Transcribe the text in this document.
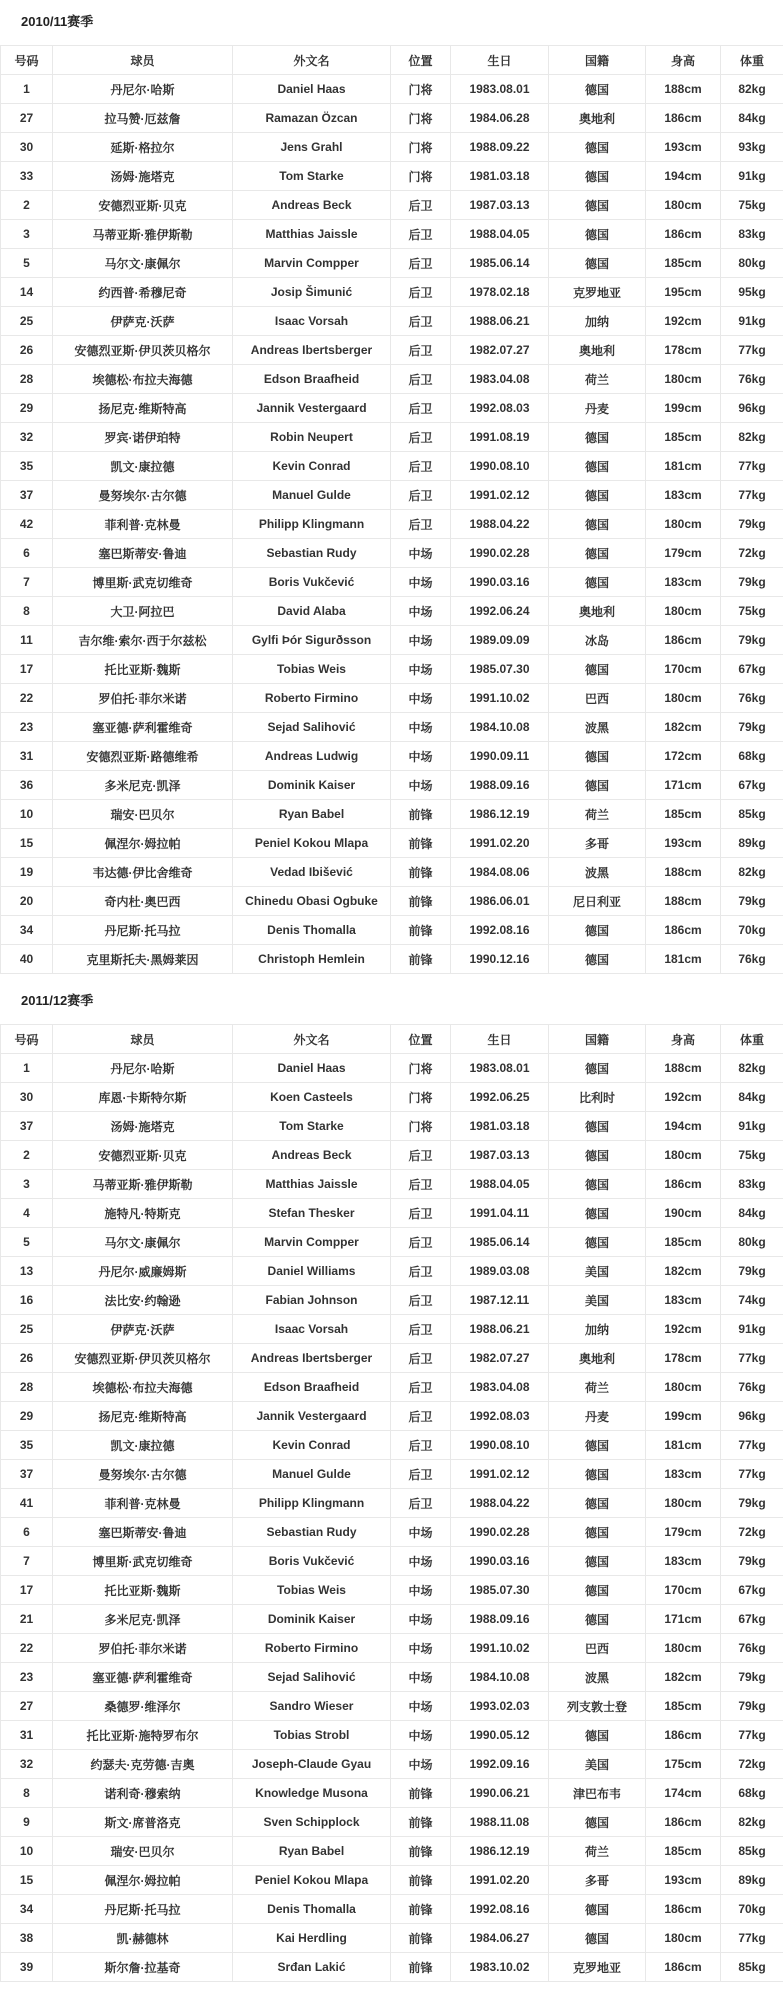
2010/11赛季
号码	球员	外文名	位置	生日	国籍	身高	体重
1	丹尼尔·哈斯	Daniel Haas	门将	1983.08.01	德国	188cm	82kg
27	拉马赞·厄兹詹	Ramazan Özcan	门将	1984.06.28	奥地利	186cm	84kg
30	延斯·格拉尔	Jens Grahl	门将	1988.09.22	德国	193cm	93kg
33	汤姆·施塔克	Tom Starke	门将	1981.03.18	德国	194cm	91kg
2	安德烈亚斯·贝克	Andreas Beck	后卫	1987.03.13	德国	180cm	75kg
3	马蒂亚斯·雅伊斯勒	Matthias Jaissle	后卫	1988.04.05	德国	186cm	83kg
5	马尔文·康佩尔	Marvin Compper	后卫	1985.06.14	德国	185cm	80kg
14	约西普·希穆尼奇	Josip Šimunić	后卫	1978.02.18	克罗地亚	195cm	95kg
25	伊萨克·沃萨	Isaac Vorsah	后卫	1988.06.21	加纳	192cm	91kg
26	安德烈亚斯·伊贝茨贝格尔	Andreas Ibertsberger	后卫	1982.07.27	奥地利	178cm	77kg
28	埃德松·布拉夫海德	Edson Braafheid	后卫	1983.04.08	荷兰	180cm	76kg
29	扬尼克·维斯特高	Jannik Vestergaard	后卫	1992.08.03	丹麦	199cm	96kg
32	罗宾·诺伊珀特	Robin Neupert	后卫	1991.08.19	德国	185cm	82kg
35	凯文·康拉德	Kevin Conrad	后卫	1990.08.10	德国	181cm	77kg
37	曼努埃尔·古尔德	Manuel Gulde	后卫	1991.02.12	德国	183cm	77kg
42	菲利普·克林曼	Philipp Klingmann	后卫	1988.04.22	德国	180cm	79kg
6	塞巴斯蒂安·鲁迪	Sebastian Rudy	中场	1990.02.28	德国	179cm	72kg
7	博里斯·武克切维奇	Boris Vukčević	中场	1990.03.16	德国	183cm	79kg
8	大卫·阿拉巴	David Alaba	中场	1992.06.24	奥地利	180cm	75kg
11	吉尔维·索尔·西于尔兹松	Gylfi Þór Sigurðsson	中场	1989.09.09	冰岛	186cm	79kg
17	托比亚斯·魏斯	Tobias Weis	中场	1985.07.30	德国	170cm	67kg
22	罗伯托·菲尔米诺	Roberto Firmino	中场	1991.10.02	巴西	180cm	76kg
23	塞亚德·萨利霍维奇	Sejad Salihović	中场	1984.10.08	波黑	182cm	79kg
31	安德烈亚斯·路德维希	Andreas Ludwig	中场	1990.09.11	德国	172cm	68kg
36	多米尼克·凯泽	Dominik Kaiser	中场	1988.09.16	德国	171cm	67kg
10	瑞安·巴贝尔	Ryan Babel	前锋	1986.12.19	荷兰	185cm	85kg
15	佩涅尔·姆拉帕	Peniel Kokou Mlapa	前锋	1991.02.20	多哥	193cm	89kg
19	韦达德·伊比舍维奇	Vedad Ibišević	前锋	1984.08.06	波黑	188cm	82kg
20	奇内杜·奥巴西	Chinedu Obasi Ogbuke	前锋	1986.06.01	尼日利亚	188cm	79kg
34	丹尼斯·托马拉	Denis Thomalla	前锋	1992.08.16	德国	186cm	70kg
40	克里斯托夫·黑姆莱因	Christoph Hemlein	前锋	1990.12.16	德国	181cm	76kg
2011/12赛季
号码	球员	外文名	位置	生日	国籍	身高	体重
1	丹尼尔·哈斯	Daniel Haas	门将	1983.08.01	德国	188cm	82kg
30	库恩·卡斯特尔斯	Koen Casteels	门将	1992.06.25	比利时	192cm	84kg
37	汤姆·施塔克	Tom Starke	门将	1981.03.18	德国	194cm	91kg
2	安德烈亚斯·贝克	Andreas Beck	后卫	1987.03.13	德国	180cm	75kg
3	马蒂亚斯·雅伊斯勒	Matthias Jaissle	后卫	1988.04.05	德国	186cm	83kg
4	施特凡·特斯克	Stefan Thesker	后卫	1991.04.11	德国	190cm	84kg
5	马尔文·康佩尔	Marvin Compper	后卫	1985.06.14	德国	185cm	80kg
13	丹尼尔·威廉姆斯	Daniel Williams	后卫	1989.03.08	美国	182cm	79kg
16	法比安·约翰逊	Fabian Johnson	后卫	1987.12.11	美国	183cm	74kg
25	伊萨克·沃萨	Isaac Vorsah	后卫	1988.06.21	加纳	192cm	91kg
26	安德烈亚斯·伊贝茨贝格尔	Andreas Ibertsberger	后卫	1982.07.27	奥地利	178cm	77kg
28	埃德松·布拉夫海德	Edson Braafheid	后卫	1983.04.08	荷兰	180cm	76kg
29	扬尼克·维斯特高	Jannik Vestergaard	后卫	1992.08.03	丹麦	199cm	96kg
35	凯文·康拉德	Kevin Conrad	后卫	1990.08.10	德国	181cm	77kg
37	曼努埃尔·古尔德	Manuel Gulde	后卫	1991.02.12	德国	183cm	77kg
41	菲利普·克林曼	Philipp Klingmann	后卫	1988.04.22	德国	180cm	79kg
6	塞巴斯蒂安·鲁迪	Sebastian Rudy	中场	1990.02.28	德国	179cm	72kg
7	博里斯·武克切维奇	Boris Vukčević	中场	1990.03.16	德国	183cm	79kg
17	托比亚斯·魏斯	Tobias Weis	中场	1985.07.30	德国	170cm	67kg
21	多米尼克·凯泽	Dominik Kaiser	中场	1988.09.16	德国	171cm	67kg
22	罗伯托·菲尔米诺	Roberto Firmino	中场	1991.10.02	巴西	180cm	76kg
23	塞亚德·萨利霍维奇	Sejad Salihović	中场	1984.10.08	波黑	182cm	79kg
27	桑德罗·维泽尔	Sandro Wieser	中场	1993.02.03	列支敦士登	185cm	79kg
31	托比亚斯·施特罗布尔	Tobias Strobl	中场	1990.05.12	德国	186cm	77kg
32	约瑟夫·克劳德·吉奥	Joseph-Claude Gyau	中场	1992.09.16	美国	175cm	72kg
8	诺利奇·穆索纳	Knowledge Musona	前锋	1990.06.21	津巴布韦	174cm	68kg
9	斯文·席普洛克	Sven Schipplock	前锋	1988.11.08	德国	186cm	82kg
10	瑞安·巴贝尔	Ryan Babel	前锋	1986.12.19	荷兰	185cm	85kg
15	佩涅尔·姆拉帕	Peniel Kokou Mlapa	前锋	1991.02.20	多哥	193cm	89kg
34	丹尼斯·托马拉	Denis Thomalla	前锋	1992.08.16	德国	186cm	70kg
38	凯·赫德林	Kai Herdling	前锋	1984.06.27	德国	180cm	77kg
39	斯尔詹·拉基奇	Srđan Lakić	前锋	1983.10.02	克罗地亚	186cm	85kg
